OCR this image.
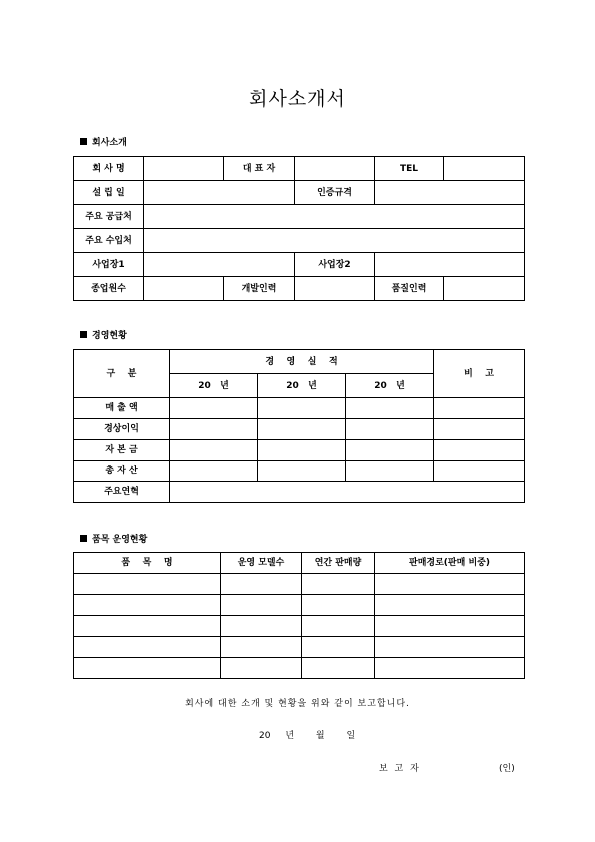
회사소개서
회사소개
회 사 명		대 표 자		TEL	
설 립 일			인증규격		
주요 공급처					
주요 수입처					
사업장1			사업장2		
종업원수		개발인력		품질인력	
경영현황
구    분	경    영    실    적			비    고
	20   년	20   년	20   년	
매 출 액				
경상이익				
자 본 금				
총 자 산				
주요연혁				
품목 운영현황
품    목    명	운영 모델수	연간 판매량	판매경로(판매 비중)

회사에 대한 소개 및 현황을 위와 같이 보고합니다.
20 년 월 일
보 고 자	(인)
